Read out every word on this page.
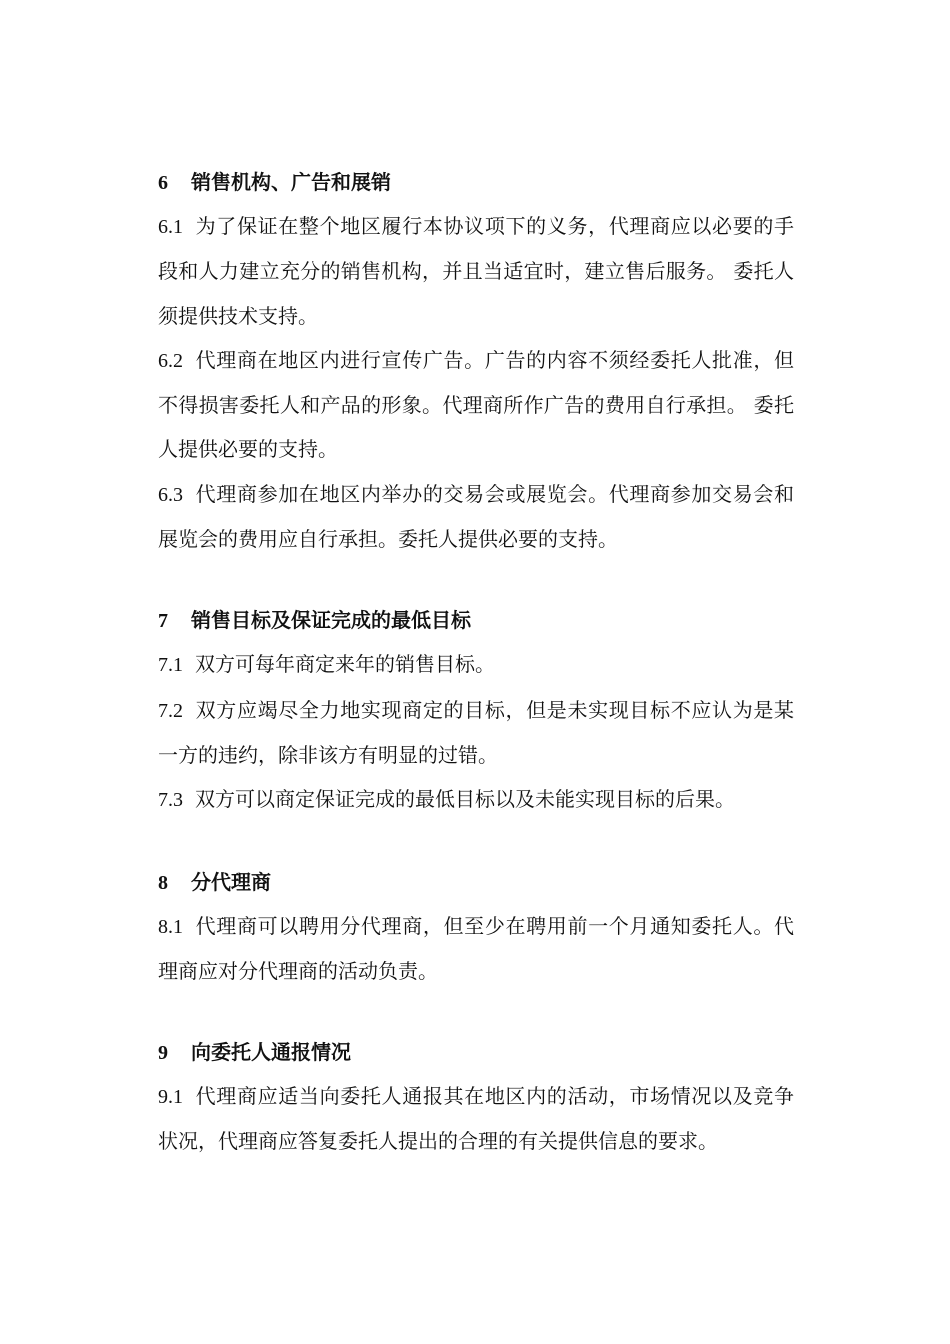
6 销售机构、广告和展销

6.1 为了保证在整个地区履行本协议项下的义务，代理商应以必要的手段和人力建立充分的销售机构，并且当适宜时，建立售后服务。 委托人须提供技术支持。

6.2 代理商在地区内进行宣传广告。广告的内容不须经委托人批准，但不得损害委托人和产品的形象。代理商所作广告的费用自行承担。 委托人提供必要的支持。

6.3 代理商参加在地区内举办的交易会或展览会。代理商参加交易会和展览会的费用应自行承担。委托人提供必要的支持。

7 销售目标及保证完成的最低目标

7.1 双方可每年商定来年的销售目标。

7.2 双方应竭尽全力地实现商定的目标，但是未实现目标不应认为是某一方的违约，除非该方有明显的过错。

7.3 双方可以商定保证完成的最低目标以及未能实现目标的后果。

8 分代理商

8.1 代理商可以聘用分代理商，但至少在聘用前一个月通知委托人。代理商应对分代理商的活动负责。

9 向委托人通报情况

9.1 代理商应适当向委托人通报其在地区内的活动，市场情况以及竞争状况，代理商应答复委托人提出的合理的有关提供信息的要求。
